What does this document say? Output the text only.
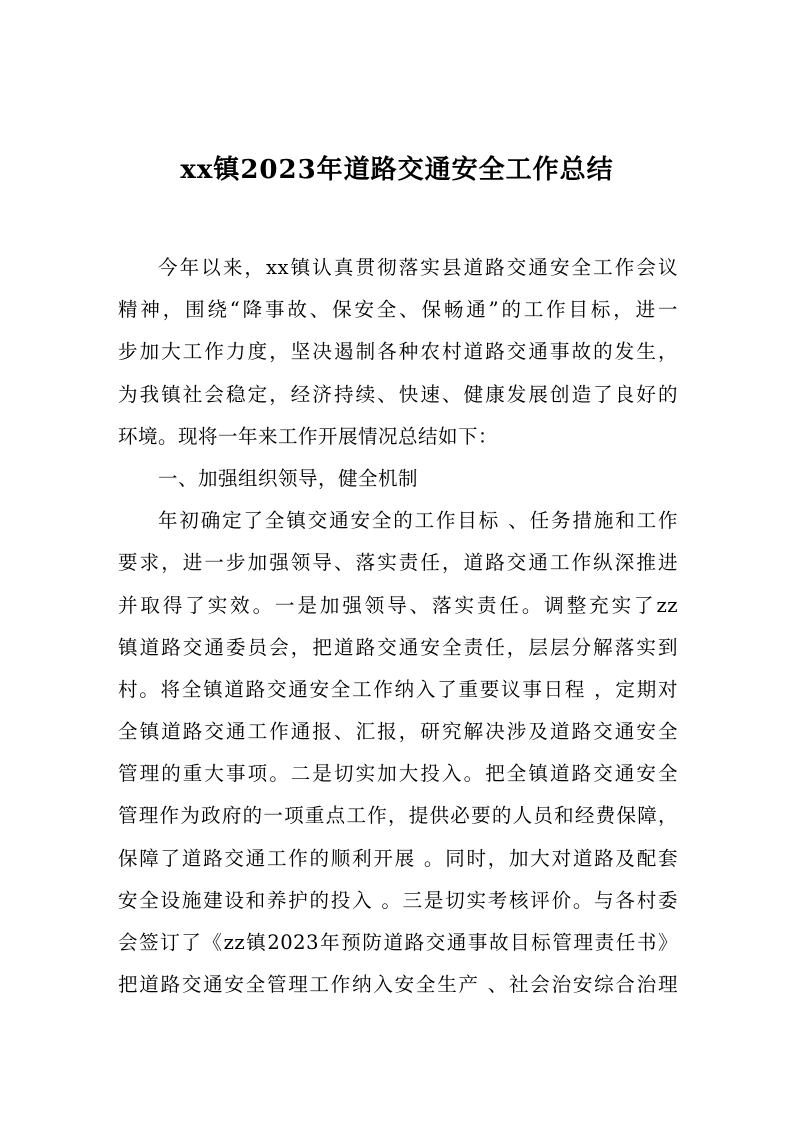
xx镇2023年道路交通安全工作总结
今年以来，xx镇认真贯彻落实县道路交通安全工作会议
精神，围绕“降事故、保安全、保畅通”的工作目标，进一
步加大工作力度，坚决遏制各种农村道路交通事故的发生，
为我镇社会稳定，经济持续、快速、健康发展创造了良好的
环境。现将一年来工作开展情况总结如下：
一、加强组织领导，健全机制
年初确定了全镇交通安全的工作目标 、任务措施和工作
要求，进一步加强领导、落实责任，道路交通工作纵深推进
并取得了实效。一是加强领导、落实责任。调整充实了zz
镇道路交通委员会，把道路交通安全责任，层层分解落实到
村。将全镇道路交通安全工作纳入了重要议事日程 ，定期对
全镇道路交通工作通报、汇报，研究解决涉及道路交通安全
管理的重大事项。二是切实加大投入。把全镇道路交通安全
管理作为政府的一项重点工作，提供必要的人员和经费保障，
保障了道路交通工作的顺利开展 。同时，加大对道路及配套
安全设施建设和养护的投入 。三是切实考核评价。与各村委
会签订了《zz镇2023年预防道路交通事故目标管理责任书》
把道路交通安全管理工作纳入安全生产 、社会治安综合治理
